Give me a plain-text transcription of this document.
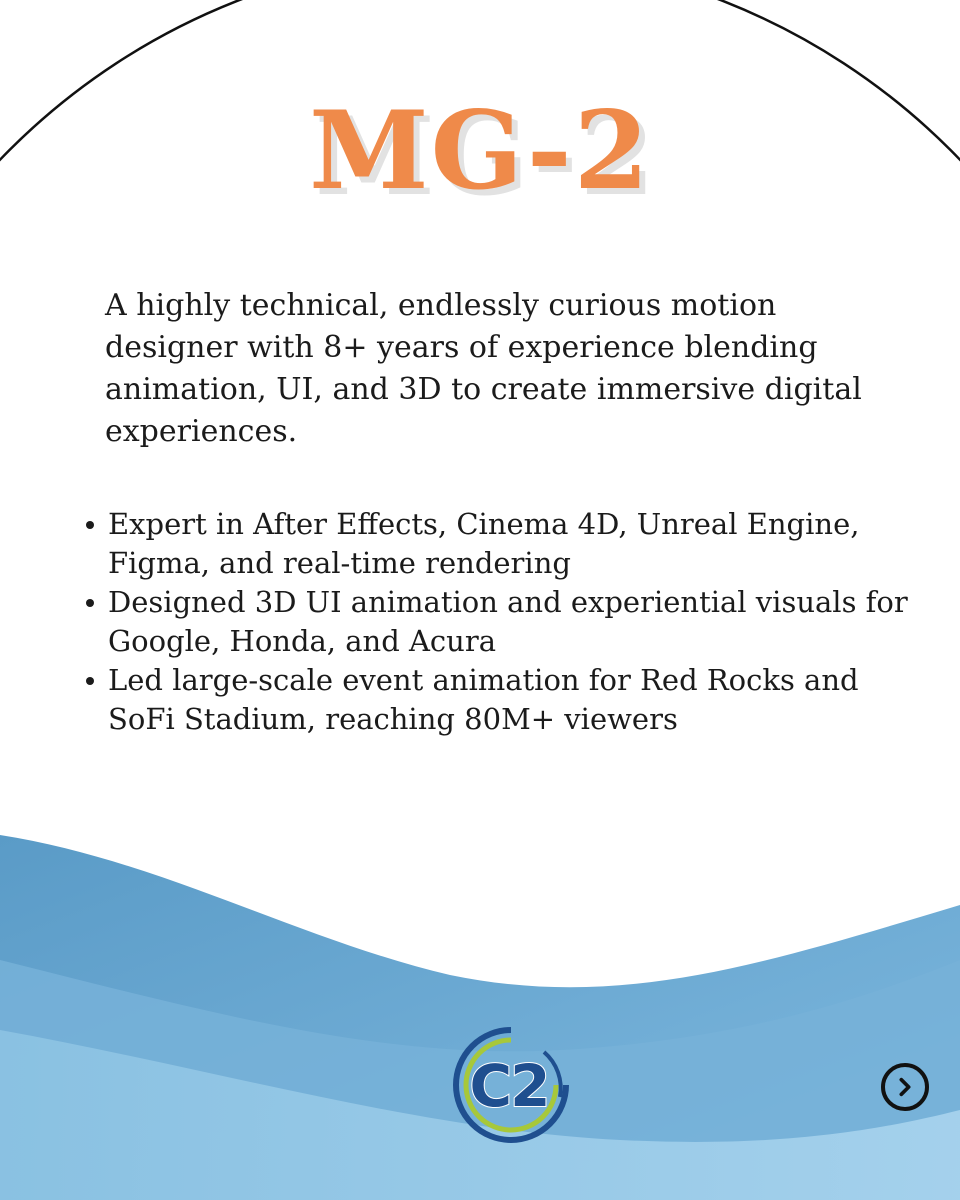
MG-2

A highly technical, endlessly curious motion designer with 8+ years of experience blending animation, UI, and 3D to create immersive digital experiences.

Expert in After Effects, Cinema 4D, Unreal Engine, Figma, and real-time rendering
Designed 3D UI animation and experiential visuals for Google, Honda, and Acura
Led large-scale event animation for Red Rocks and SoFi Stadium, reaching 80M+ viewers
C2
